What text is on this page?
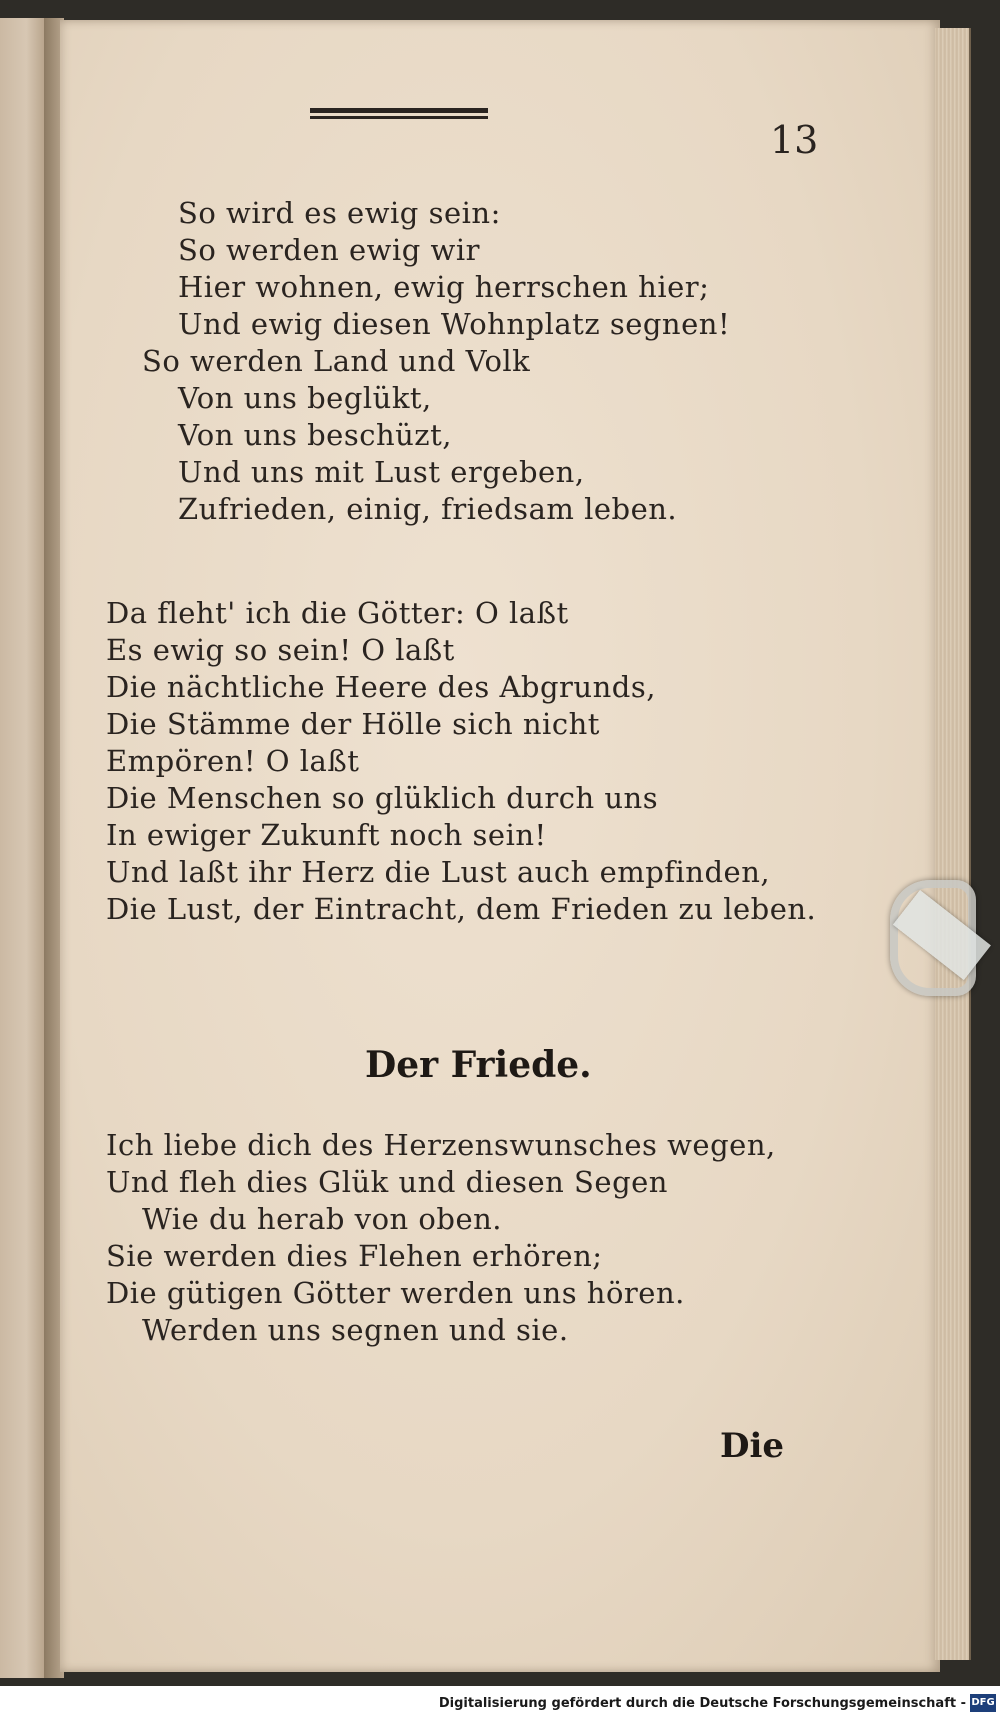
13
So wird es ewig sein:
So werden ewig wir
Hier wohnen, ewig herrschen hier;
Und ewig diesen Wohnplatz segnen!
So werden Land und Volk
Von uns beglükt,
Von uns beschüzt,
Und uns mit Lust ergeben,
Zufrieden, einig, friedsam leben.
Da fleht' ich die Götter: O laßt
Es ewig so sein! O laßt
Die nächtliche Heere des Abgrunds,
Die Stämme der Hölle sich nicht
Empören! O laßt
Die Menschen so glüklich durch uns
In ewiger Zukunft noch sein!
Und laßt ihr Herz die Lust auch empfinden,
Die Lust, der Eintracht, dem Frieden zu leben.
Der Friede.
Ich liebe dich des Herzenswunsches wegen,
Und fleh dies Glük und diesen Segen
Wie du herab von oben.
Sie werden dies Flehen erhören;
Die gütigen Götter werden uns hören.
Werden uns segnen und sie.
Die
Digitalisierung gefördert durch die Deutsche Forschungsgemeinschaft - DFG
